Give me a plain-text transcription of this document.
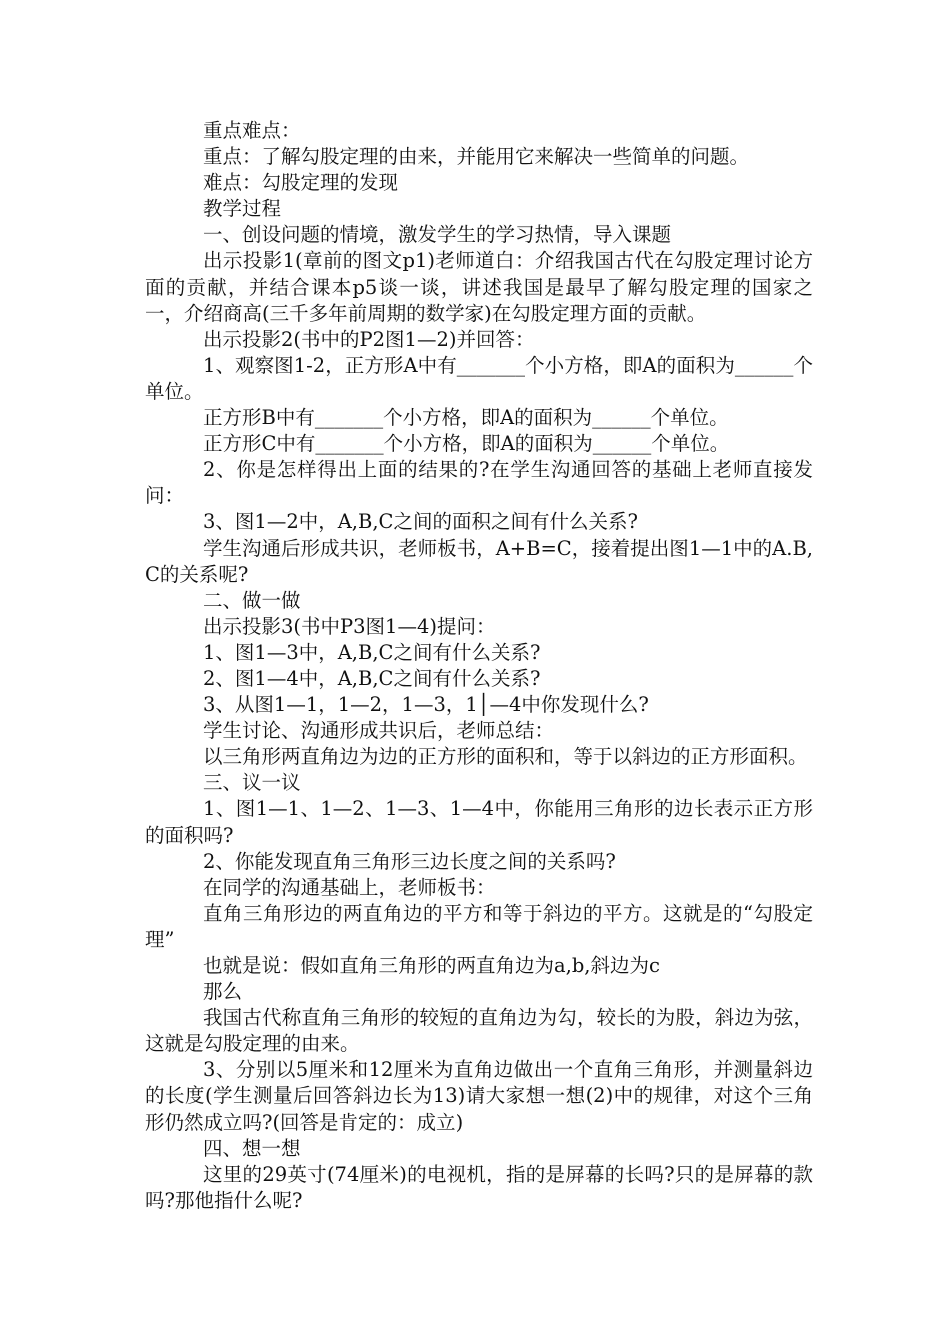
重点难点：

重点：了解勾股定理的由来，并能用它来解决一些简单的问题。

难点：勾股定理的发现

教学过程

一、创设问题的情境，激发学生的学习热情，导入课题

出示投影1(章前的图文p1)老师道白：介绍我国古代在勾股定理讨论方面的贡献，并结合课本p5谈一谈，讲述我国是最早了解勾股定理的国家之一，介绍商高(三千多年前周期的数学家)在勾股定理方面的贡献。

出示投影2(书中的P2图1—2)并回答：

1、观察图1-2，正方形A中有_______个小方格，即A的面积为______个单位。

正方形B中有_______个小方格，即A的面积为______个单位。

正方形C中有_______个小方格，即A的面积为______个单位。

2、你是怎样得出上面的结果的?在学生沟通回答的基础上老师直接发问：

3、图1—2中，A,B,C之间的面积之间有什么关系?

学生沟通后形成共识，老师板书，A+B=C，接着提出图1—1中的A.B,C的关系呢?

二、做一做

出示投影3(书中P3图1—4)提问：

1、图1—3中，A,B,C之间有什么关系?

2、图1—4中，A,B,C之间有什么关系?

3、从图1—1，1—2，1—3，1│—4中你发现什么?

学生讨论、沟通形成共识后，老师总结：

以三角形两直角边为边的正方形的面积和，等于以斜边的正方形面积。

三、议一议

1、图1—1、1—2、1—3、1—4中，你能用三角形的边长表示正方形的面积吗?

2、你能发现直角三角形三边长度之间的关系吗?

在同学的沟通基础上，老师板书：

直角三角形边的两直角边的平方和等于斜边的平方。这就是的“勾股定理”

也就是说：假如直角三角形的两直角边为a,b,斜边为c

那么

我国古代称直角三角形的较短的直角边为勾，较长的为股，斜边为弦，这就是勾股定理的由来。

3、分别以5厘米和12厘米为直角边做出一个直角三角形，并测量斜边的长度(学生测量后回答斜边长为13)请大家想一想(2)中的规律，对这个三角形仍然成立吗?(回答是肯定的：成立)

四、想一想

这里的29英寸(74厘米)的电视机，指的是屏幕的长吗?只的是屏幕的款吗?那他指什么呢?
